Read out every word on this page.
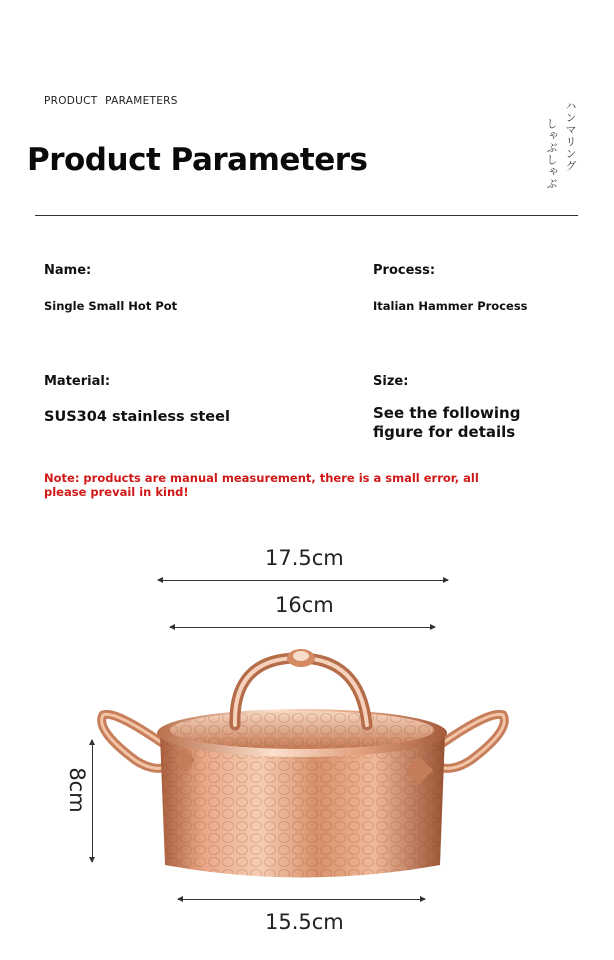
PRODUCT PARAMETERS
Product Parameters	ハンマリング
しゃぶしゃぶ
Name:
Single Small Hot Pot
Process:
Italian Hammer Process
Material:
SUS304 stainless steel
Size:
See the following
figure for details
Note: products are manual measurement, there is a small error, all please prevail in kind!
17.5cm
16cm
8cm
15.5cm
